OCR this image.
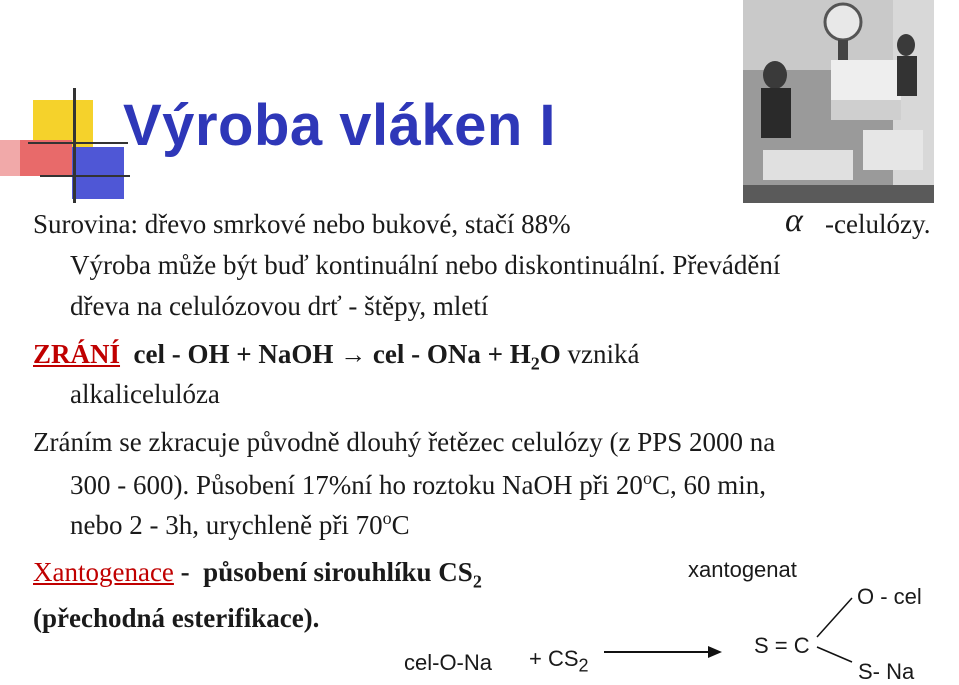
Výroba vláken I
Surovina: dřevo smrkové nebo bukové, stačí 88%	α -celulózy.
Výroba může být buď kontinuální nebo diskontinuální. Převádění
dřeva na celulózovou drť - štěpy, mletí
ZRÁNÍ cel - OH + NaOH → cel - ONa + $H_2O$ vzniká
alkalicelulóza
Zráním se zkracuje původně dlouhý řetězec celulózy (z PPS 2000 na
300 - 600). Působení 17%ní ho roztoku NaOH při 20$^o$C, 60 min,
nebo 2 - 3h, urychleně při 70$^o$C
Xantogenace -  působení sirouhlíku $CS_2$
(přechodná esterifikace).
xantogenat
$cel-O-Na + CS_2$
S = C
O - cel
S- Na
